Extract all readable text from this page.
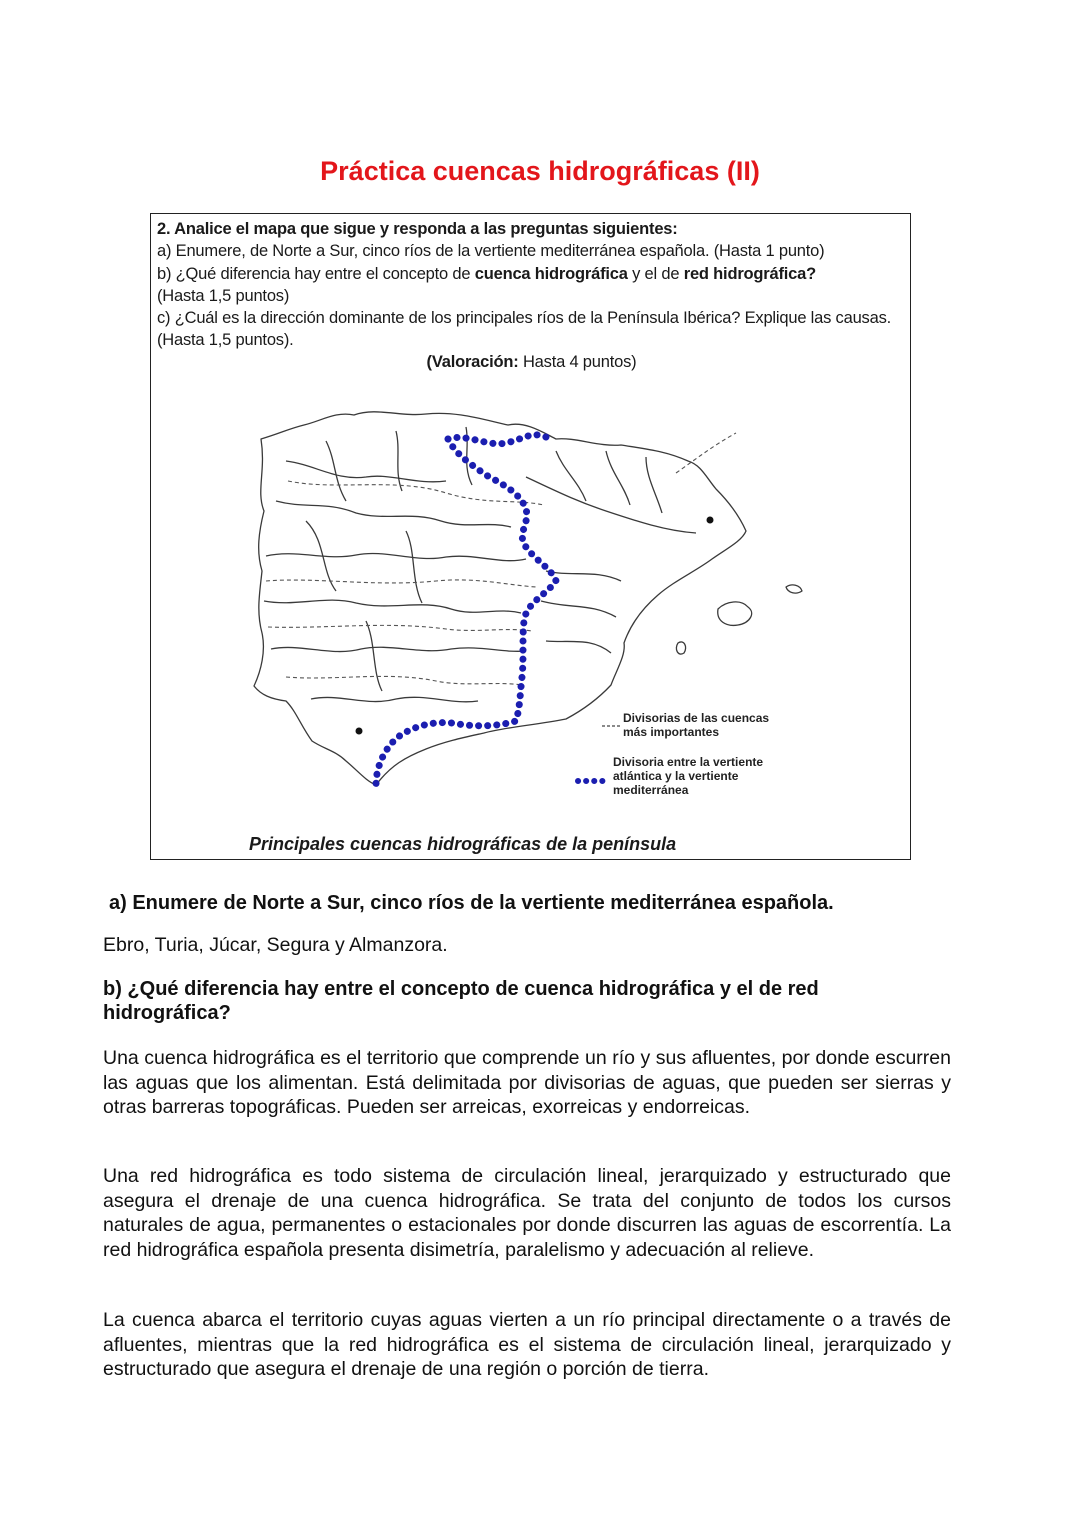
Práctica cuencas hidrográficas (II)
2. Analice el mapa que sigue y responda a las preguntas siguientes:
a) Enumere, de Norte a Sur, cinco ríos de la vertiente mediterránea española. (Hasta 1 punto)
b) ¿Qué diferencia hay entre el concepto de cuenca hidrográfica y el de red hidrográfica?
(Hasta 1,5 puntos)
c) ¿Cuál es la dirección dominante de los principales ríos de la Península Ibérica? Explique las causas.
(Hasta 1,5 puntos).
(Valoración: Hasta 4 puntos)
Divisorias de las cuencas
más importantes
Divisoria entre la vertiente
atlántica y la vertiente
mediterránea
Principales cuencas hidrográficas de la península
a) Enumere de Norte a Sur, cinco ríos de la vertiente mediterránea española.
Ebro, Turia, Júcar, Segura y Almanzora.
b) ¿Qué diferencia hay entre el concepto de cuenca hidrográfica y el de red
hidrográfica?
Una cuenca hidrográfica es el territorio que comprende un río y sus afluentes, por donde escurren las aguas que los alimentan. Está delimitada por divisorias de aguas, que pueden ser sierras y otras barreras topográficas. Pueden ser arreicas, exorreicas y endorreicas.
Una red hidrográfica es todo sistema de circulación lineal, jerarquizado y estructurado que asegura el drenaje de una cuenca hidrográfica. Se trata del conjunto de todos los cursos naturales de agua, permanentes o estacionales por donde discurren las aguas de escorrentía. La red hidrográfica española presenta disimetría, paralelismo y adecuación al relieve.
La cuenca abarca el territorio cuyas aguas vierten a un río principal directamente o a través de afluentes, mientras que la red hidrográfica es el sistema de circulación lineal, jerarquizado y estructurado que asegura el drenaje de una región o porción de tierra.
